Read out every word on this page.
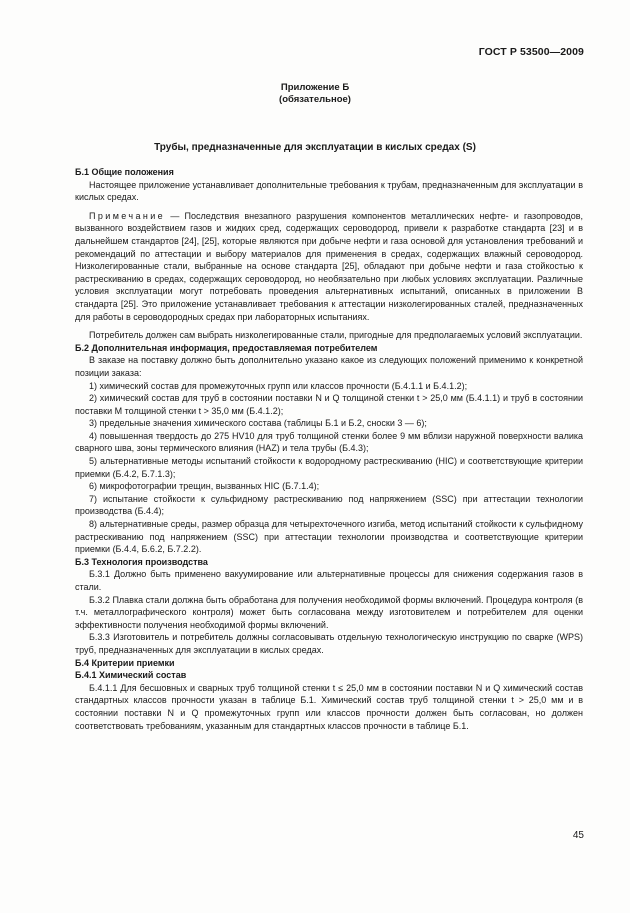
ГОСТ Р 53500—2009
Приложение Б
(обязательное)
Трубы, предназначенные для эксплуатации в кислых средах (S)

Б.1 Общие положения

Настоящее приложение устанавливает дополнительные требования к трубам, предназначенным для эксплуатации в кислых средах.

Примечание — Последствия внезапного разрушения компонентов металлических нефте- и газопроводов, вызванного воздействием газов и жидких сред, содержащих сероводород, привели к разработке стандарта [23] и в дальнейшем стандартов [24], [25], которые являются при добыче нефти и газа основой для установления требований и рекомендаций по аттестации и выбору материалов для применения в средах, содержащих влажный сероводород. Низколегированные стали, выбранные на основе стандарта [25], обладают при добыче нефти и газа стойкостью к растрескиванию в средах, содержащих сероводород, но необязательно при любых условиях эксплуатации. Различные условия эксплуатации могут потребовать проведения альтернативных испытаний, описанных в приложении В стандарта [25]. Это приложение устанавливает требования к аттестации низколегированных сталей, предназначенных для работы в сероводородных средах при лабораторных испытаниях.

Потребитель должен сам выбрать низколегированные стали, пригодные для предполагаемых условий эксплуатации.

Б.2 Дополнительная информация, предоставляемая потребителем

В заказе на поставку должно быть дополнительно указано какое из следующих положений применимо к конкретной позиции заказа:

1) химический состав для промежуточных групп или классов прочности (Б.4.1.1 и Б.4.1.2);

2) химический состав для труб в состоянии поставки N и Q толщиной стенки t > 25,0 мм (Б.4.1.1) и труб в состоянии поставки M толщиной стенки t > 35,0 мм (Б.4.1.2);

3) предельные значения химического состава (таблицы Б.1 и Б.2, сноски 3 — 6);

4) повышенная твердость до 275 HV10 для труб толщиной стенки более 9 мм вблизи наружной поверхности валика сварного шва, зоны термического влияния (HAZ) и тела трубы (Б.4.3);

5) альтернативные методы испытаний стойкости к водородному растрескиванию (HIC) и соответствующие критерии приемки (Б.4.2, Б.7.1.3);

6) микрофотографии трещин, вызванных HIC (Б.7.1.4);

7) испытание стойкости к сульфидному растрескиванию под напряжением (SSC) при аттестации технологии производства (Б.4.4);

8) альтернативные среды, размер образца для четырехточечного изгиба, метод испытаний стойкости к сульфидному растрескиванию под напряжением (SSC) при аттестации технологии производства и соответствующие критерии приемки (Б.4.4, Б.6.2, Б.7.2.2).

Б.3 Технология производства

Б.3.1 Должно быть применено вакуумирование или альтернативные процессы для снижения содержания газов в стали.

Б.3.2 Плавка стали должна быть обработана для получения необходимой формы включений. Процедура контроля (в т.ч. металлографического контроля) может быть согласована между изготовителем и потребителем для оценки эффективности получения необходимой формы включений.

Б.3.3 Изготовитель и потребитель должны согласовывать отдельную технологическую инструкцию по сварке (WPS) труб, предназначенных для эксплуатации в кислых средах.

Б.4 Критерии приемки

Б.4.1 Химический состав

Б.4.1.1 Для бесшовных и сварных труб толщиной стенки t ≤ 25,0 мм в состоянии поставки N и Q химический состав стандартных классов прочности указан в таблице Б.1. Химический состав труб толщиной стенки t > 25,0 мм и в состоянии поставки N и Q промежуточных групп или классов прочности должен быть согласован, но должен соответствовать требованиям, указанным для стандартных классов прочности в таблице Б.1.

45
